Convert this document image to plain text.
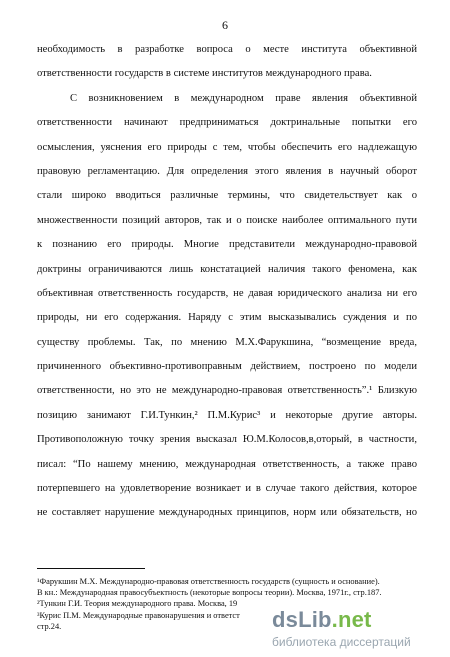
6
необходимость в разработке вопроса о месте института объективной
ответственности государств в системе институтов международного права.
С возникновением в международном праве явления объективной
ответственности начинают предприниматься доктринальные попытки его
осмысления, уяснения его природы с тем, чтобы обеспечить его надлежащую
правовую регламентацию. Для определения этого явления в научный оборот
стали широко вводиться различные термины, что свидетельствует как о
множественности позиций авторов, так и о поиске наиболее оптимального пути
к познанию его природы. Многие представители международно-правовой
доктрины ограничиваются лишь констатацией наличия такого феномена, как
объективная ответственность государств, не давая юридического анализа ни его
природы, ни его содержания. Наряду с этим высказывались суждения и по
существу проблемы. Так, по мнению М.Х.Фарукшина, “возмещение вреда,
причиненного объективно-противоправным действием, построено по модели
ответственности, но это не международно-правовая ответственность”.¹ Близкую
позицию занимают Г.И.Тункин,² П.М.Курис³ и некоторые другие авторы.
Противоположную точку зрения высказал Ю.М.Колосов,в,оторый, в частности,
писал: “По нашему мнению, международная ответственность, а также право
потерпевшего на удовлетворение возникает и в случае такого действия, которое
не составляет нарушение международных принципов, норм или обязательств, но
¹Фарукшин М.Х. Международно-правовая ответственность государств (сущность и основание).
В кн.: Международная правосубъектность (некоторые вопросы теории). Москва, 1971г., стр.187.
²Тункин Г.И. Теория международного права. Москва, 19
³Курис П.М. Международные правонарушения и ответст
стр.24.	dsLib.net
библиотека диссертаций
